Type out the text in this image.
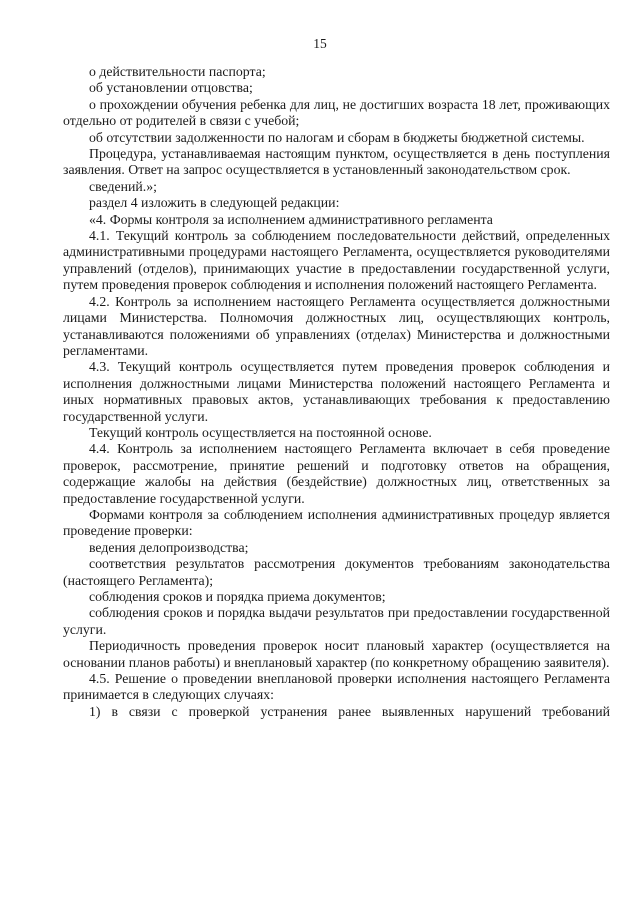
15

о действительности паспорта;

об установлении отцовства;

о прохождении обучения ребенка для лиц, не достигших возраста 18 лет, проживающих отдельно от родителей в связи с учебой;

об отсутствии задолженности по налогам и сборам в бюджеты бюджетной системы.

Процедура, устанавливаемая настоящим пунктом, осуществляется в день поступления заявления. Ответ на запрос осуществляется в установленный законодательством срок.

сведений.»;

раздел 4 изложить в следующей редакции:

«4. Формы контроля за исполнением административного регламента

4.1. Текущий контроль за соблюдением последовательности действий, определенных административными процедурами настоящего Регламента, осуществляется руководителями управлений (отделов), принимающих участие в предоставлении государственной услуги, путем проведения проверок соблюдения и исполнения положений настоящего Регламента.

4.2. Контроль за исполнением настоящего Регламента осуществляется должностными лицами Министерства. Полномочия должностных лиц, осуществляющих контроль, устанавливаются положениями об управлениях (отделах) Министерства и должностными регламентами.

4.3. Текущий контроль осуществляется путем проведения проверок соблюдения и исполнения должностными лицами Министерства положений настоящего Регламента и иных нормативных правовых актов, устанавливающих требования к предоставлению государственной услуги.

Текущий контроль осуществляется на постоянной основе.

4.4. Контроль за исполнением настоящего Регламента включает в себя проведение проверок, рассмотрение, принятие решений и подготовку ответов на обращения, содержащие жалобы на действия (бездействие) должностных лиц, ответственных за предоставление государственной услуги.

Формами контроля за соблюдением исполнения административных процедур является проведение проверки:

ведения делопроизводства;

соответствия результатов рассмотрения документов требованиям законодательства (настоящего Регламента);

соблюдения сроков и порядка приема документов;

соблюдения сроков и порядка выдачи результатов при предоставлении государственной услуги.

Периодичность проведения проверок носит плановый характер (осуществляется на основании планов работы) и внеплановый характер (по конкретному обращению заявителя).

4.5. Решение о проведении внеплановой проверки исполнения настоящего Регламента принимается в следующих случаях:

1) в связи с проверкой устранения ранее выявленных нарушений требований
